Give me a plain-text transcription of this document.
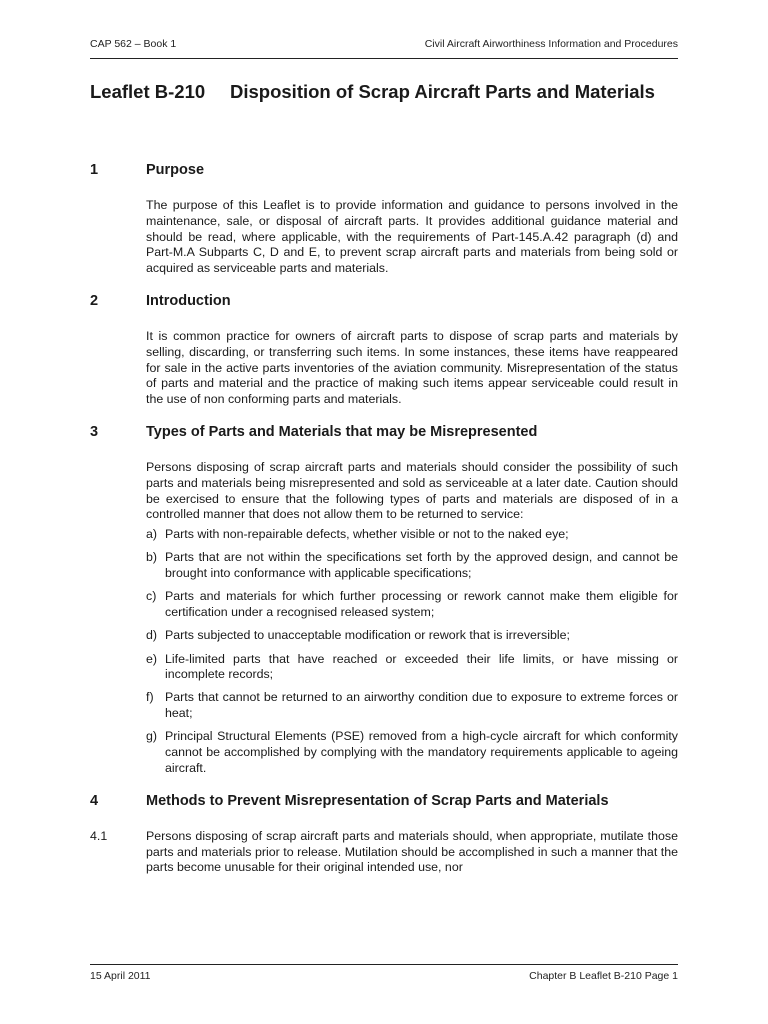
CAP 562 – Book 1	Civil Aircraft Airworthiness Information and Procedures
Leaflet B-210	Disposition of Scrap Aircraft Parts and Materials
1	Purpose

The purpose of this Leaflet is to provide information and guidance to persons involved in the maintenance, sale, or disposal of aircraft parts. It provides additional guidance material and should be read, where applicable, with the requirements of Part-145.A.42 paragraph (d) and Part-M.A Subparts C, D and E, to prevent scrap aircraft parts and materials from being sold or acquired as serviceable parts and materials.

2	Introduction

It is common practice for owners of aircraft parts to dispose of scrap parts and materials by selling, discarding, or transferring such items. In some instances, these items have reappeared for sale in the active parts inventories of the aviation community. Misrepresentation of the status of parts and material and the practice of making such items appear serviceable could result in the use of non conforming parts and materials.

3	Types of Parts and Materials that may be Misrepresented

Persons disposing of scrap aircraft parts and materials should consider the possibility of such parts and materials being misrepresented and sold as serviceable at a later date. Caution should be exercised to ensure that the following types of parts and materials are disposed of in a controlled manner that does not allow them to be returned to service:

a) Parts with non-repairable defects, whether visible or not to the naked eye;
b) Parts that are not within the specifications set forth by the approved design, and cannot be brought into conformance with applicable specifications;
c) Parts and materials for which further processing or rework cannot make them eligible for certification under a recognised released system;
d) Parts subjected to unacceptable modification or rework that is irreversible;
e) Life-limited parts that have reached or exceeded their life limits, or have missing or incomplete records;
f) Parts that cannot be returned to an airworthy condition due to exposure to extreme forces or heat;
g) Principal Structural Elements (PSE) removed from a high-cycle aircraft for which conformity cannot be accomplished by complying with the mandatory requirements applicable to ageing aircraft.
4	Methods to Prevent Misrepresentation of Scrap Parts and Materials
4.1	Persons disposing of scrap aircraft parts and materials should, when appropriate, mutilate those parts and materials prior to release. Mutilation should be accomplished in such a manner that the parts become unusable for their original intended use, nor
15 April 2011	Chapter B Leaflet B-210 Page 1
